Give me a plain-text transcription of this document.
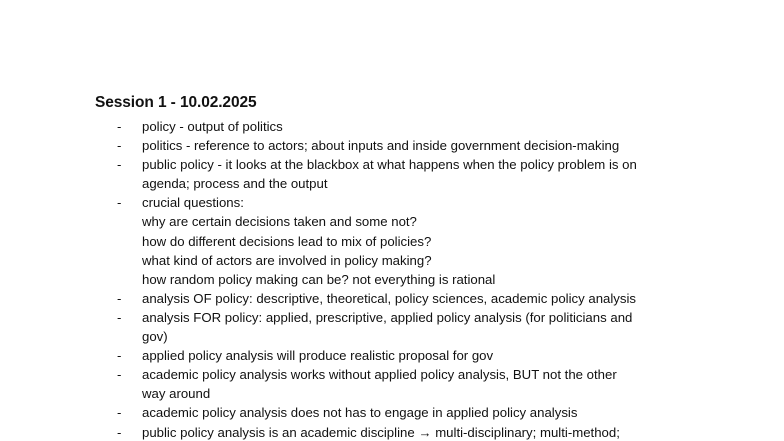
Session 1 - 10.02.2025
-	policy - output of politics
-	politics - reference to actors; about inputs and inside government decision-making
-	public policy - it looks at the blackbox at what happens when the policy problem is on
agenda; process and the output
-	crucial questions:
why are certain decisions taken and some not?
how do different decisions lead to mix of policies?
what kind of actors are involved in policy making?
how random policy making can be? not everything is rational
-	analysis OF policy: descriptive, theoretical, policy sciences, academic policy analysis
-	analysis FOR policy: applied, prescriptive, applied policy analysis (for politicians and
gov)
-	applied policy analysis will produce realistic proposal for gov
-	academic policy analysis works without applied policy analysis, BUT not the other
way around
-	academic policy analysis does not has to engage in applied policy analysis
-	public policy analysis is an academic discipline → multi-disciplinary; multi-method;
